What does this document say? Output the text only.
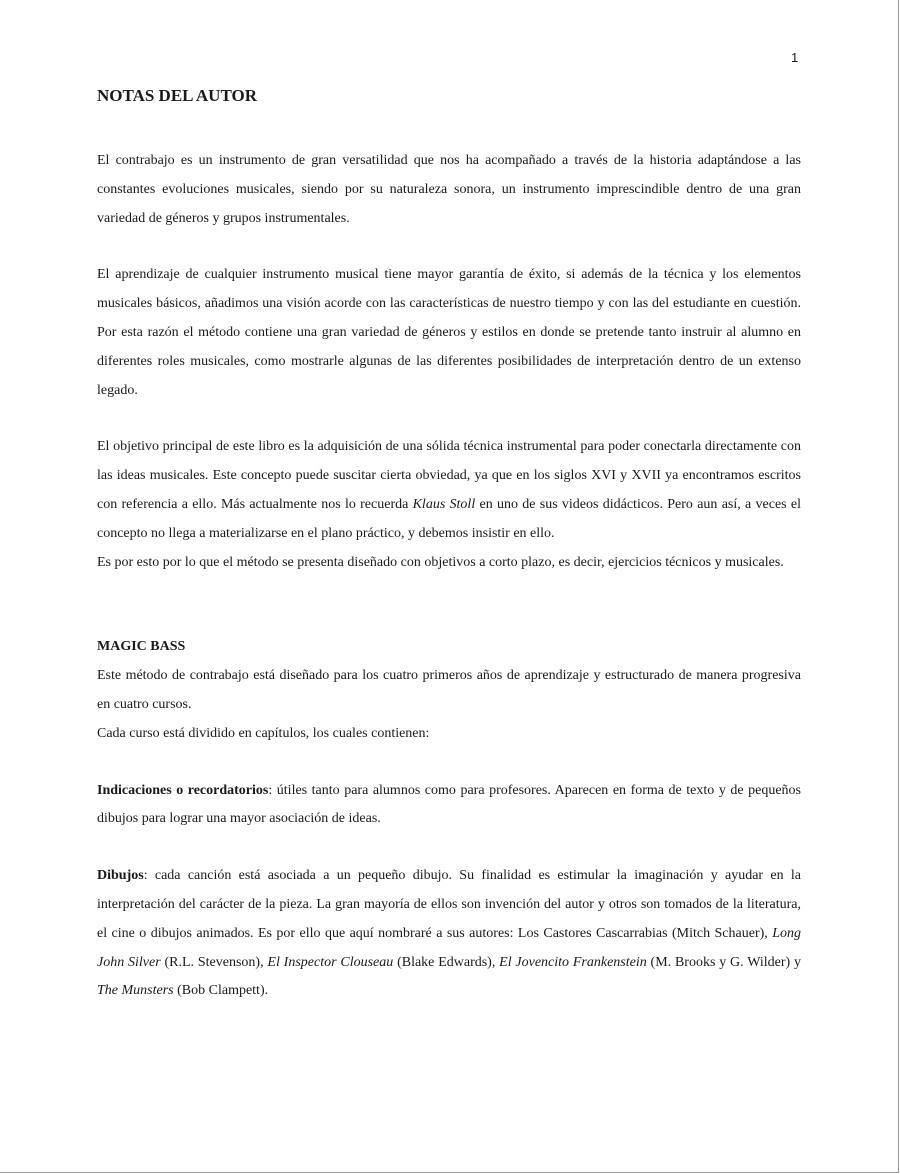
1
NOTAS DEL AUTOR

El contrabajo es un instrumento de gran versatilidad que nos ha acompañado a través de la historia adaptándose a las constantes evoluciones musicales, siendo por su naturaleza sonora, un instrumento imprescindible dentro de una gran variedad de géneros y grupos instrumentales.

El aprendizaje de cualquier instrumento musical tiene mayor garantía de éxito, si además de la técnica y los elementos musicales básicos, añadimos una visión acorde con las características de nuestro tiempo y con las del estudiante en cuestión. Por esta razón el método contiene una gran variedad de géneros y estilos en donde se pretende tanto instruir al alumno en diferentes roles musicales, como mostrarle algunas de las diferentes posibilidades de interpretación dentro de un extenso legado.

El objetivo principal de este libro es la adquisición de una sólida técnica instrumental para poder conectarla directamente con las ideas musicales. Este concepto puede suscitar cierta obviedad, ya que en los siglos XVI y XVII ya encontramos escritos con referencia a ello. Más actualmente nos lo recuerda Klaus Stoll en uno de sus videos didácticos. Pero aun así, a veces el concepto no llega a materializarse en el plano práctico, y debemos insistir en ello.

Es por esto por lo que el método se presenta diseñado con objetivos a corto plazo, es decir, ejercicios técnicos y musicales.

MAGIC BASS

Este método de contrabajo está diseñado para los cuatro primeros años de aprendizaje y estructurado de manera progresiva en cuatro cursos.

Cada curso está dividido en capítulos, los cuales contienen:

Indicaciones o recordatorios: útiles tanto para alumnos como para profesores. Aparecen en forma de texto y de pequeños dibujos para lograr una mayor asociación de ideas.

Dibujos: cada canción está asociada a un pequeño dibujo. Su finalidad es estimular la imaginación y ayudar en la interpretación del carácter de la pieza. La gran mayoría de ellos son invención del autor y otros son tomados de la literatura, el cine o dibujos animados. Es por ello que aquí nombraré a sus autores: Los Castores Cascarrabias (Mitch Schauer), Long John Silver (R.L. Stevenson), El Inspector Clouseau (Blake Edwards), El Jovencito Frankenstein (M. Brooks y G. Wilder) y The Munsters (Bob Clampett).
